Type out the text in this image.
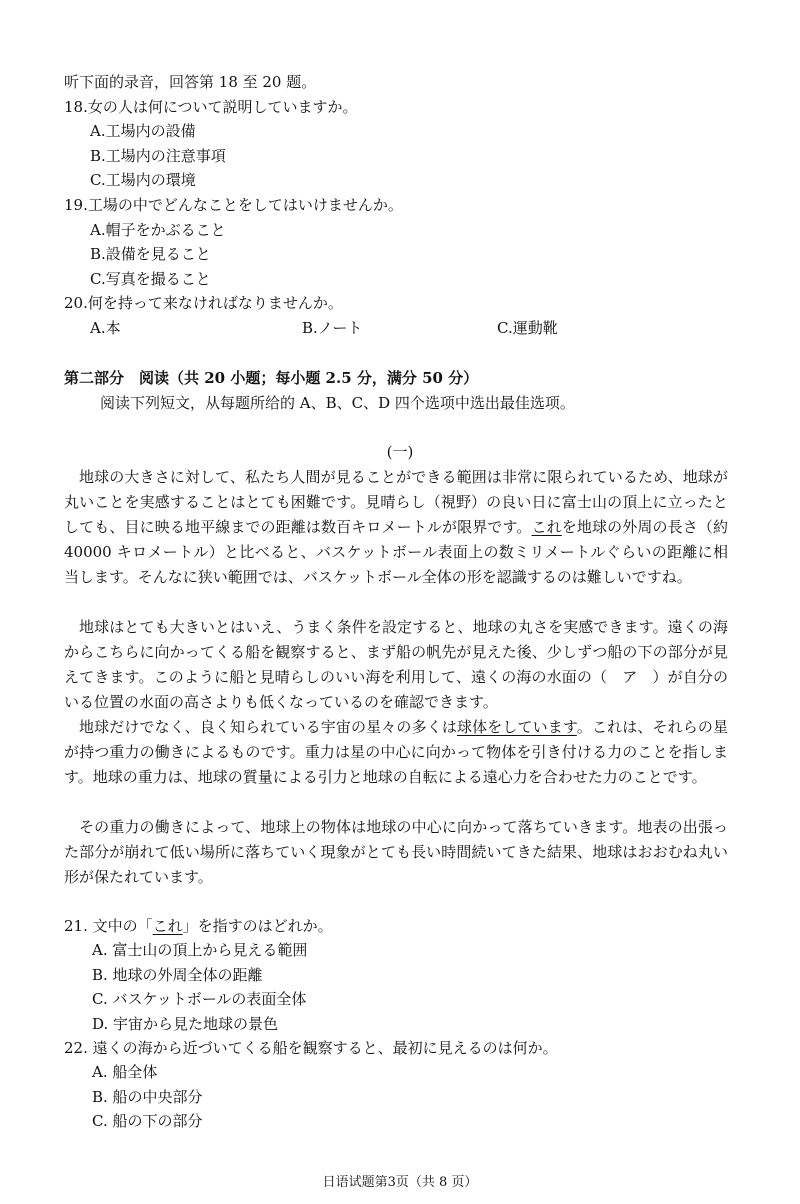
听下面的录音，回答第 18 至 20 题。
18.女の人は何について説明していますか。
A.工場内の設備
B.工場内の注意事項
C.工場内の環境
19.工場の中でどんなことをしてはいけませんか。
A.帽子をかぶること
B.設備を見ること
C.写真を撮ること
20.何を持って来なければなりませんか。
A.本	B.ノート	C.運動靴
第二部分　阅读（共 20 小题；每小题 2.5 分，满分 50 分）
阅读下列短文，从每题所给的 A、B、C、D 四个选项中选出最佳选项。
(一)

地球の大きさに対して、私たち人間が見ることができる範囲は非常に限られているため、地球が丸いことを実感することはとても困難です。見晴らし（視野）の良い日に富士山の頂上に立ったとしても、目に映る地平線までの距離は数百キロメートルが限界です。これを地球の外周の長さ（約 40000 キロメートル）と比べると、バスケットボール表面上の数ミリメートルぐらいの距離に相当します。そんなに狭い範囲では、バスケットボール全体の形を認識するのは難しいですね。

地球はとても大きいとはいえ、うまく条件を設定すると、地球の丸さを実感できます。遠くの海からこちらに向かってくる船を観察すると、まず船の帆先が見えた後、少しずつ船の下の部分が見えてきます。このように船と見晴らしのいい海を利用して、遠くの海の水面の（　ア　）が自分のいる位置の水面の高さよりも低くなっているのを確認できます。

地球だけでなく、良く知られている宇宙の星々の多くは球体をしています。これは、それらの星が持つ重力の働きによるものです。重力は星の中心に向かって物体を引き付ける力のことを指します。地球の重力は、地球の質量による引力と地球の自転による遠心力を合わせた力のことです。

その重力の働きによって、地球上の物体は地球の中心に向かって落ちていきます。地表の出張った部分が崩れて低い場所に落ちていく現象がとても長い時間続いてきた結果、地球はおおむね丸い形が保たれています。

21. 文中の「これ」を指すのはどれか。
A. 富士山の頂上から見える範囲
B. 地球の外周全体の距離
C. バスケットボールの表面全体
D. 宇宙から見た地球の景色
22. 遠くの海から近づいてくる船を観察すると、最初に見えるのは何か。
A. 船全体
B. 船の中央部分
C. 船の下の部分
日语试题第3页（共 8 页）
